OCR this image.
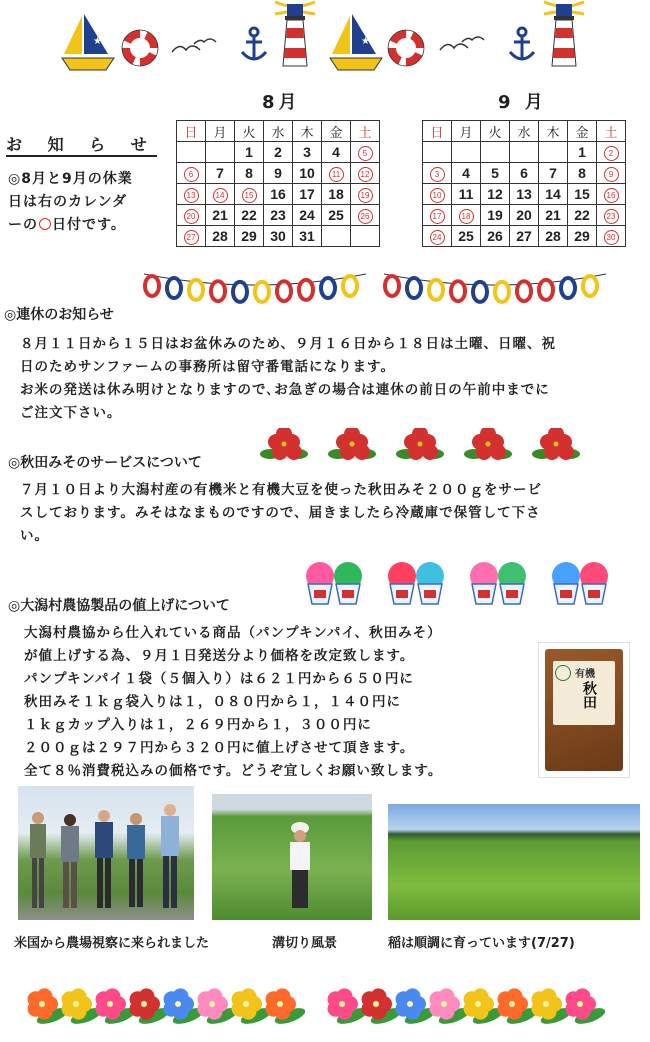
★	★
8月	9 月
日	月	火	水	木	金	土
		1	2	3	4	5
6	7	8	9	10	11	12
13	14	15	16	17	18	19
20	21	22	23	24	25	26
27	28	29	30	31		
日	月	火	水	木	金	土
					1	2
3	4	5	6	7	8	9
10	11	12	13	14	15	16
17	18	19	20	21	22	23
24	25	26	27	28	29	30
お 知 ら せ
◎8月と9月の休業
日は右のカレンダ
ーの 日付です。
◎連休のお知らせ
８月１１日から１５日はお盆休みのため、９月１６日から１８日は土曜、日曜、祝
日のためサンファームの事務所は留守番電話になります。
お米の発送は休み明けとなりますので､お急ぎの場合は連休の前日の午前中までに
ご注文下さい。
◎秋田みそのサービスについて
７月１０日より大潟村産の有機米と有機大豆を使った秋田みそ２００ｇをサービ
スしております。みそはなまものですので、届きましたら冷蔵庫で保管して下さ
い。
◎大潟村農協製品の値上げについて
大潟村農協から仕入れている商品（パンプキンパイ、秋田みそ）
が値上げする為、９月１日発送分より価格を改定致します。
パンプキンパイ１袋（５個入り）は６２１円から６５０円に
秋田みそ１ｋｇ袋入りは１，０８０円から１，１４０円に
１ｋｇカップ入りは１，２６９円から１，３００円に
２００ｇは２９７円から３２０円に値上げさせて頂きます。
全て８％消費税込みの価格です。どうぞ宜しくお願い致します。
有機
秋田
米国から農場視察に来られました	溝切り風景	稲は順調に育っています(7/27)
